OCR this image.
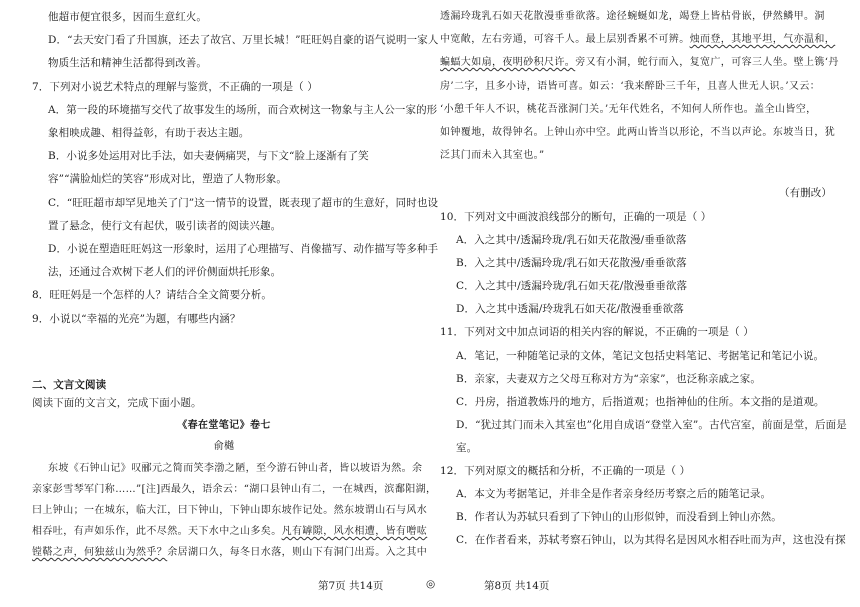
他超市便宜很多，因而生意红火。
D．“去天安门看了升国旗，还去了故宫、万里长城！”旺旺妈自豪的语气说明一家人
物质生活和精神生活都得到改善。
7．下列对小说艺术特点的理解与鉴赏，不正确的一项是（ ）
A．第一段的环境描写交代了故事发生的场所，而合欢树这一物象与主人公一家的形
象相映成趣、相得益彰，有助于表达主题。
B．小说多处运用对比手法，如夫妻俩痛哭，与下文“脸上逐渐有了笑
容”“满脸灿烂的笑容”形成对比，塑造了人物形象。
C．“旺旺超市却罕见地关了门”这一情节的设置，既表现了超市的生意好，同时也设
置了悬念，使行文有起伏，吸引读者的阅读兴趣。
D．小说在塑造旺旺妈这一形象时，运用了心理描写、肖像描写、动作描写等多种手
法，还通过合欢树下老人们的评价侧面烘托形象。
8．旺旺妈是一个怎样的人？请结合全文简要分析。
9．小说以“幸福的光亮”为题，有哪些内涵？
二、文言文阅读
阅读下面的文言文，完成下面小题。
《春在堂笔记》卷七
俞樾
东坡《石钟山记》叹郦元之简而笑李渤之陋，至今游石钟山者，皆以坡语为然。余
亲家彭雪琴军门称……”[注]西最久，语余云：“湖口县钟山有二，一在城西，滨鄱阳湖，
曰上钟山；一在城东，临大江，曰下钟山，下钟山即东坡作记处。然东坡谓山石与风水
相吞吐，有声如乐作，此不尽然。天下水中之山多矣。凡有罅隙，风水相遭，皆有噌吰
镗鞳之声，何独兹山为然乎？余居湖口久，每冬日水落，则山下有洞门出焉。入之其中
透漏玲珑乳石如天花散漫垂垂欲落。途径蜿蜒如龙，竭登上皆枯骨嵌，伊然鳞甲。洞
中宽敞，左右旁通，可容千人。最上层别香累不可辨。烛而登，其地平坦，气亦温和，
蝙蝠大如扇，夜明砂积尺许。旁又有小洞，蛇行而入，复宽广，可容三人坐。壁上镌‘丹
房’二字，且多小诗，语皆可喜。如云：‘我来醉卧三千年，且喜人世无人识。’又云：
‘小憩千年人不识，桃花吾涨洞门关。’无年代姓名，不知何人所作也。盖全山皆空，
如钟覆地，故得钟名。上钟山亦中空。此两山皆当以形论，不当以声论。东坡当日，犹
泛其门而未入其室也。”
（有删改）
10．下列对文中画波浪线部分的断句，正确的一项是（ ）
A．入之其中/透漏玲珑/乳石如天花散漫/垂垂欲落
B．入之其中/透漏玲珑/乳石如天花散漫/垂垂欲落
C．入之其中/透漏玲珑/乳石如天花/散漫垂垂欲落
D．入之其中透漏/玲珑乳石如天花/散漫垂垂欲落
11．下列对文中加点词语的相关内容的解说，不正确的一项是（ ）
A．笔记，一种随笔记录的文体，笔记文包括史料笔记、考据笔记和笔记小说。
B．亲家，夫妻双方之父母互称对方为“亲家”，也泛称亲戚之家。
C．丹房，指道教炼丹的地方，后指道观；也指神仙的住所。本文指的是道观。
D．“犹过其门而未入其室也”化用自成语“登堂入室”。古代宫室，前面是堂，后面是
室。
12．下列对原文的概括和分析，不正确的一项是（ ）
A．本文为考据笔记，并非全是作者亲身经历考察之后的随笔记录。
B．作者认为苏轼只看到了下钟山的山形似钟，而没看到上钟山亦然。
C．在作者看来，苏轼考察石钟山，以为其得名是因风水相吞吐而为声，这也没有探
第7页 共14页	◎	第8页 共14页
